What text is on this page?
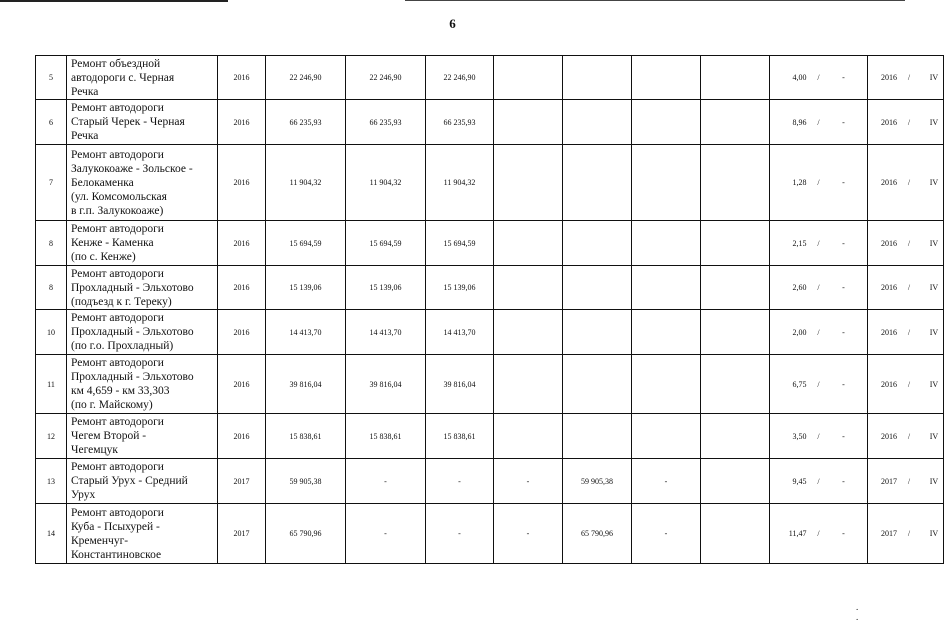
6
5	Ремонт объездной
автодороги с. Черная
Речка	2016	22 246,90	22 246,90	22 246,90					4,00 / -	2016 / IV
6	Ремонт автодороги
Старый Черек - Черная
Речка	2016	66 235,93	66 235,93	66 235,93					8,96 / -	2016 / IV
7	Ремонт автодороги
Залукокоаже - Зольское -
Белокаменка
(ул. Комсомольская
в г.п. Залукокоаже)	2016	11 904,32	11 904,32	11 904,32					1,28 / -	2016 / IV
8	Ремонт автодороги
Кенже - Каменка
(по с. Кенже)	2016	15 694,59	15 694,59	15 694,59					2,15 / -	2016 / IV
8	Ремонт автодороги
Прохладный - Эльхотово
(подъезд к г. Тереку)	2016	15 139,06	15 139,06	15 139,06					2,60 / -	2016 / IV
10	Ремонт автодороги
Прохладный - Эльхотово
(по г.о. Прохладный)	2016	14 413,70	14 413,70	14 413,70					2,00 / -	2016 / IV
11	Ремонт автодороги
Прохладный - Эльхотово
км 4,659 - км 33,303
(по г. Майскому)	2016	39 816,04	39 816,04	39 816,04					6,75 / -	2016 / IV
12	Ремонт автодороги
Чегем Второй -
Чегемцук	2016	15 838,61	15 838,61	15 838,61					3,50 / -	2016 / IV
13	Ремонт автодороги
Старый Урух - Средний
Урух	2017	59 905,38	-	-	-	59 905,38	-		9,45 / -	2017 / IV
14	Ремонт автодороги
Куба - Псыхурей -
Кременчуг-
Константиновское	2017	65 790,96	-	-	-	65 790,96	-		11,47 / -	2017 / IV
. .
